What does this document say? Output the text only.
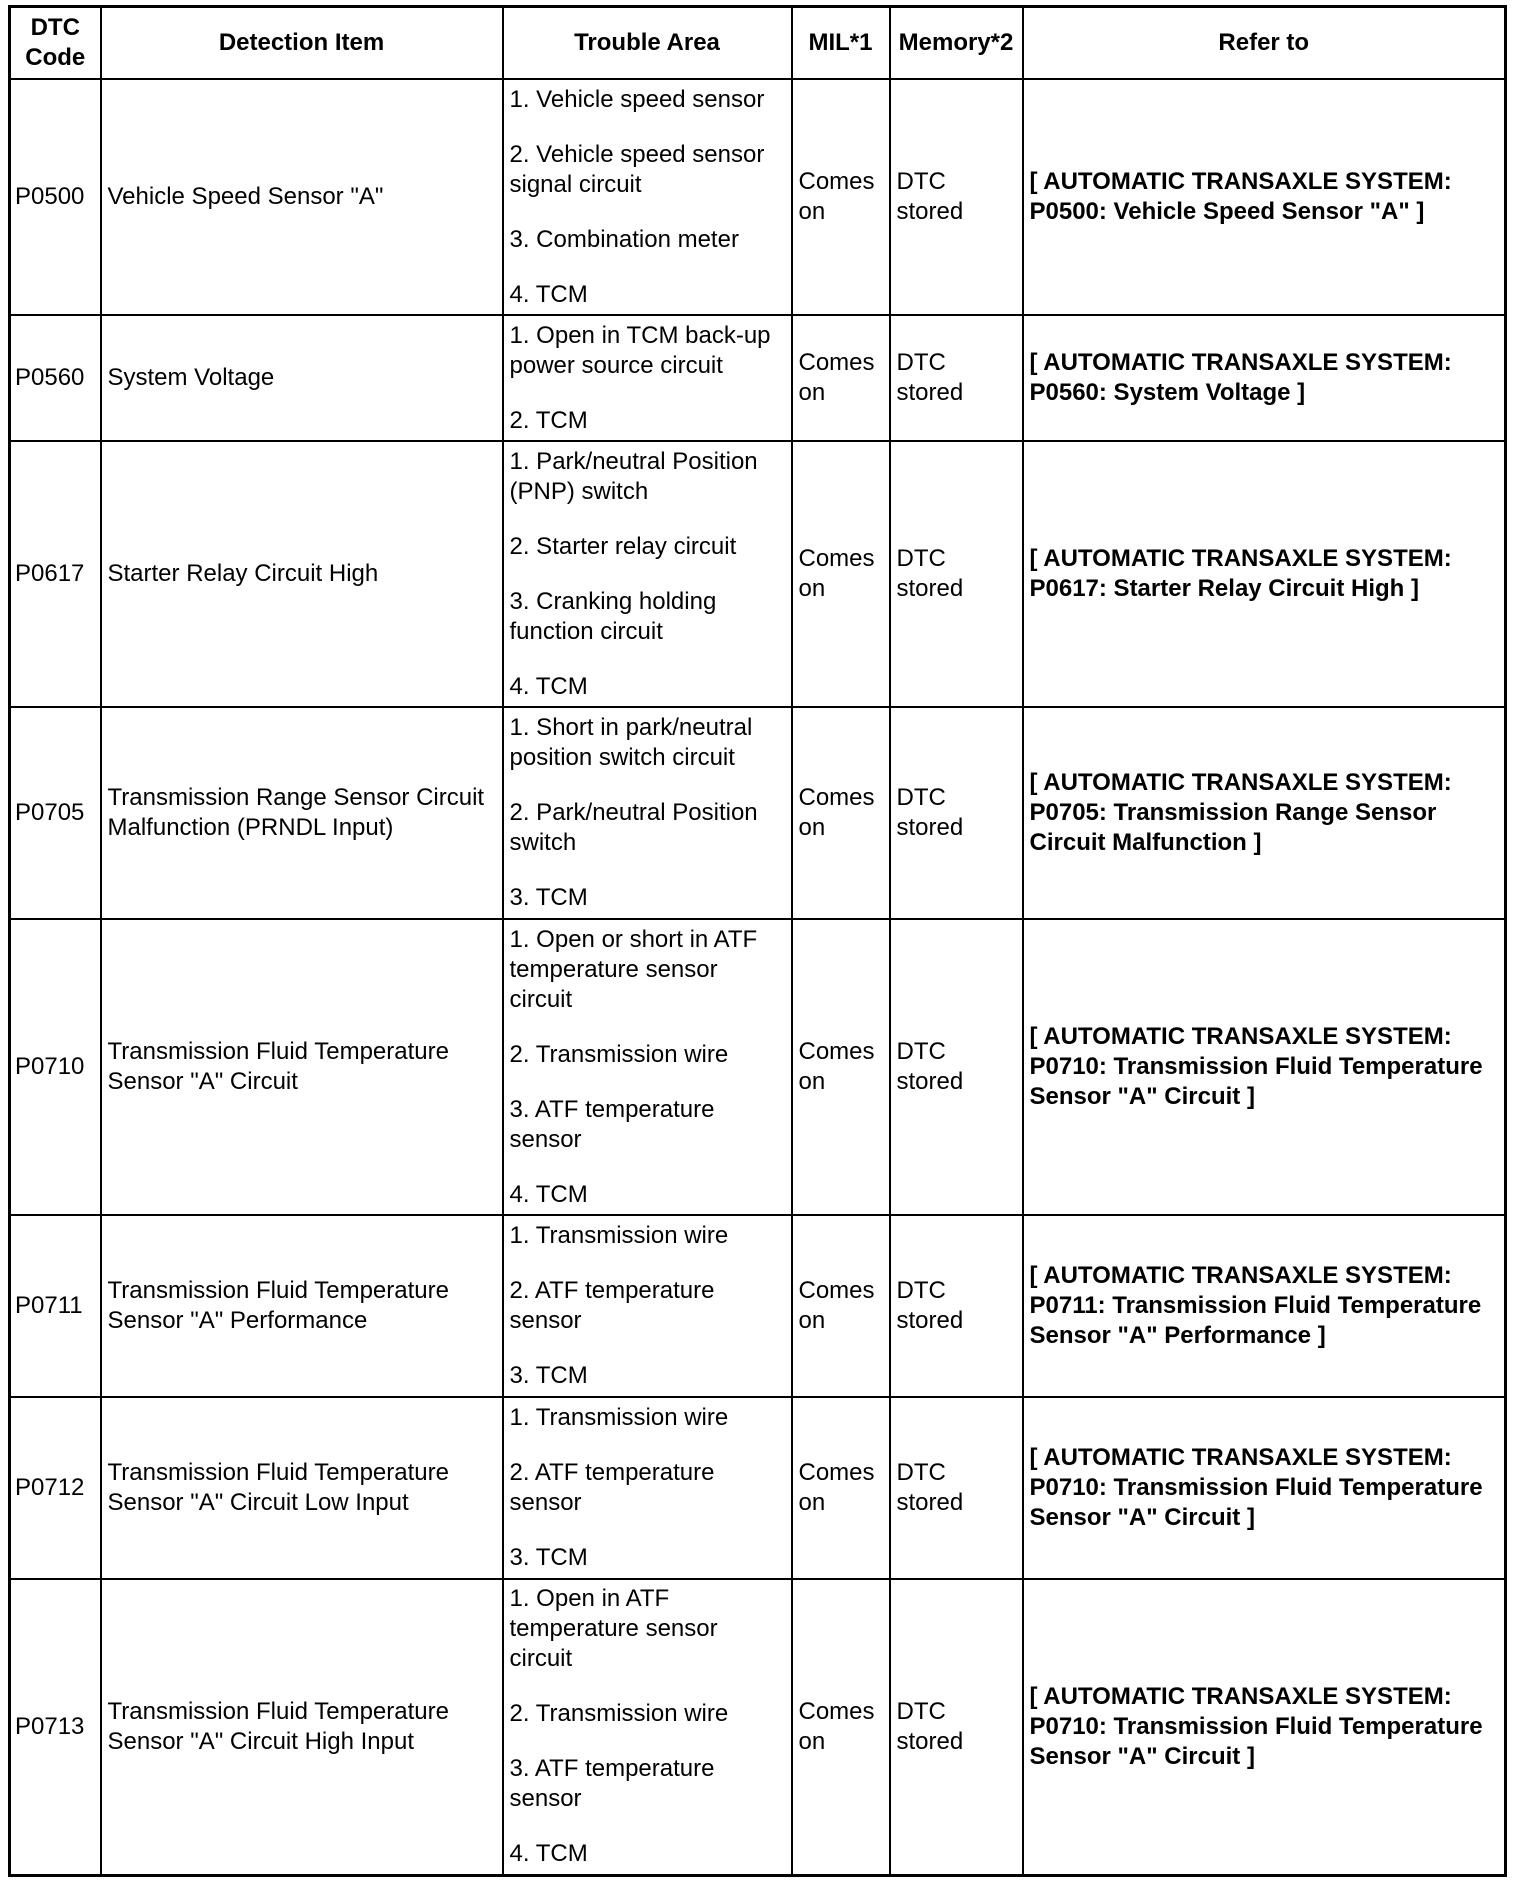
DTC Code	Detection Item	Trouble Area	MIL*1	Memory*2	Refer to
P0500	Vehicle Speed Sensor "A"	1. Vehicle speed sensor
2. Vehicle speed sensor signal circuit
3. Combination meter
4. TCM	Comes on	DTC stored	[ AUTOMATIC TRANSAXLE SYSTEM: P0500: Vehicle Speed Sensor "A" ]
P0560	System Voltage	1. Open in TCM back-up power source circuit
2. TCM	Comes on	DTC stored	[ AUTOMATIC TRANSAXLE SYSTEM: P0560: System Voltage ]
P0617	Starter Relay Circuit High	1. Park/neutral Position (PNP) switch
2. Starter relay circuit
3. Cranking holding function circuit
4. TCM	Comes on	DTC stored	[ AUTOMATIC TRANSAXLE SYSTEM: P0617: Starter Relay Circuit High ]
P0705	Transmission Range Sensor Circuit Malfunction (PRNDL Input)	1. Short in park/neutral position switch circuit
2. Park/neutral Position switch
3. TCM	Comes on	DTC stored	[ AUTOMATIC TRANSAXLE SYSTEM: P0705: Transmission Range Sensor Circuit Malfunction ]
P0710	Transmission Fluid Temperature Sensor "A" Circuit	1. Open or short in ATF temperature sensor circuit
2. Transmission wire
3. ATF temperature sensor
4. TCM	Comes on	DTC stored	[ AUTOMATIC TRANSAXLE SYSTEM: P0710: Transmission Fluid Temperature Sensor "A" Circuit ]
P0711	Transmission Fluid Temperature Sensor "A" Performance	1. Transmission wire
2. ATF temperature sensor
3. TCM	Comes on	DTC stored	[ AUTOMATIC TRANSAXLE SYSTEM: P0711: Transmission Fluid Temperature Sensor "A" Performance ]
P0712	Transmission Fluid Temperature Sensor "A" Circuit Low Input	1. Transmission wire
2. ATF temperature sensor
3. TCM	Comes on	DTC stored	[ AUTOMATIC TRANSAXLE SYSTEM: P0710: Transmission Fluid Temperature Sensor "A" Circuit ]
P0713	Transmission Fluid Temperature Sensor "A" Circuit High Input	1. Open in ATF temperature sensor circuit
2. Transmission wire
3. ATF temperature sensor
4. TCM	Comes on	DTC stored	[ AUTOMATIC TRANSAXLE SYSTEM: P0710: Transmission Fluid Temperature Sensor "A" Circuit ]
